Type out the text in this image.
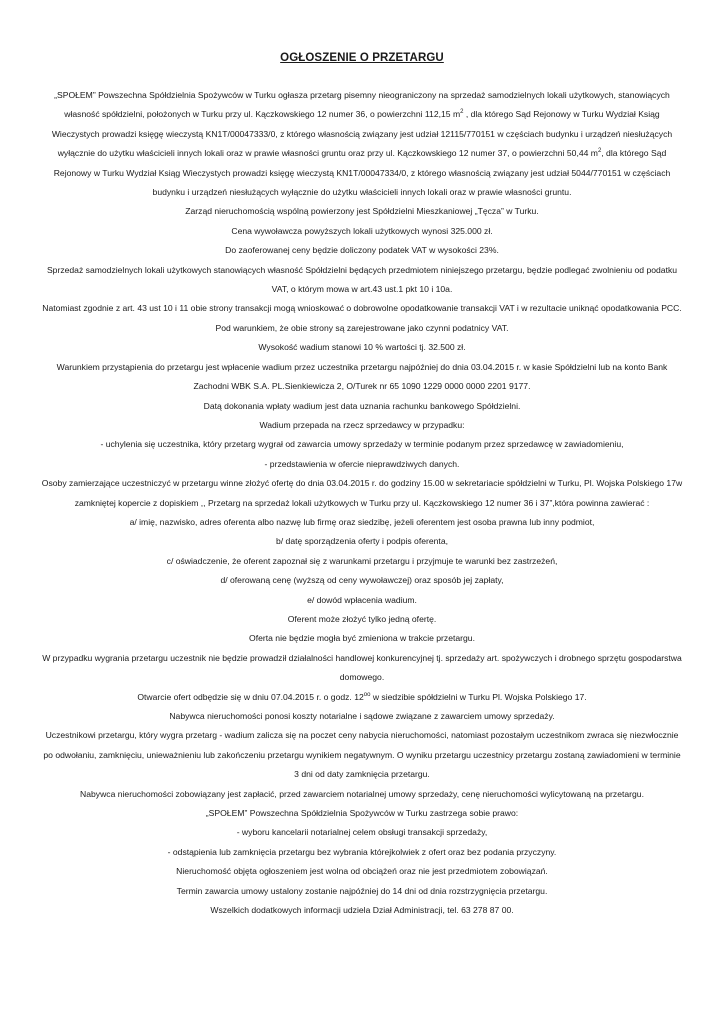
OGŁOSZENIE O PRZETARGU

„SPOŁEM” Powszechna Spółdzielnia Spożywców w Turku ogłasza przetarg pisemny nieograniczony na sprzedaż samodzielnych lokali użytkowych, stanowiących własność spółdzielni, położonych w Turku przy ul. Kączkowskiego 12 numer 36, o powierzchni 112,15 $m^2$ , dla którego Sąd Rejonowy w Turku Wydział Ksiąg Wieczystych prowadzi księgę wieczystą KN1T/00047333/0, z którego własnością związany jest udział 12115/770151 w częściach budynku i urządzeń niesłużących wyłącznie do użytku właścicieli innych lokali oraz w prawie własności gruntu oraz przy ul. Kączkowskiego 12 numer 37, o powierzchni 50,44 $m^2$, dla którego Sąd Rejonowy w Turku Wydział Ksiąg Wieczystych prowadzi księgę wieczystą KN1T/00047334/0, z którego własnością związany jest udział 5044/770151 w częściach budynku i urządzeń niesłużących wyłącznie do użytku właścicieli innych lokali oraz w prawie własności gruntu.

Zarząd nieruchomością wspólną powierzony jest Spółdzielni Mieszkaniowej „Tęcza” w Turku.

Cena wywoławcza powyższych lokali użytkowych wynosi 325.000 zł.

Do zaoferowanej ceny będzie doliczony podatek VAT w wysokości 23%.

Sprzedaż samodzielnych lokali użytkowych stanowiących własność Spółdzielni będących przedmiotem niniejszego przetargu, będzie podlegać zwolnieniu od podatku VAT, o którym mowa w art.43 ust.1 pkt 10 i 10a.

Natomiast zgodnie z art. 43 ust 10 i 11 obie strony transakcji mogą wnioskować o dobrowolne opodatkowanie transakcji VAT i w rezultacie uniknąć opodatkowania PCC. Pod warunkiem, że obie strony są zarejestrowane jako czynni podatnicy VAT.

Wysokość wadium stanowi 10 % wartości tj. 32.500 zł.

Warunkiem przystąpienia do przetargu jest wpłacenie wadium przez uczestnika przetargu najpóźniej do dnia 03.04.2015 r. w kasie Spółdzielni lub na konto Bank Zachodni WBK S.A. PL.Sienkiewicza 2, O/Turek nr 65 1090 1229 0000 0000 2201 9177.

Datą dokonania wpłaty wadium jest data uznania rachunku bankowego Spółdzielni.

Wadium przepada na rzecz sprzedawcy w przypadku:

- uchylenia się uczestnika, który przetarg wygrał od zawarcia umowy sprzedaży w terminie podanym przez sprzedawcę w zawiadomieniu,

- przedstawienia w ofercie nieprawdziwych danych.

Osoby zamierzające uczestniczyć w przetargu winne złożyć ofertę do dnia 03.04.2015 r. do godziny 15.00 w sekretariacie spółdzielni w Turku, Pl. Wojska Polskiego 17w zamkniętej kopercie z dopiskiem ,, Przetarg na sprzedaż lokali użytkowych w Turku przy ul. Kączkowskiego 12 numer 36 i 37”,która powinna zawierać :

a/ imię, nazwisko, adres oferenta albo nazwę lub firmę oraz siedzibę, jeżeli oferentem jest osoba prawna lub inny podmiot,

b/ datę sporządzenia oferty i podpis oferenta,

c/ oświadczenie, że oferent zapoznał się z warunkami przetargu i przyjmuje te warunki bez zastrzeżeń,

d/ oferowaną cenę (wyższą od ceny wywoławczej) oraz sposób jej zapłaty,

e/ dowód wpłacenia wadium.

Oferent może złożyć tylko jedną ofertę.

Oferta nie będzie mogła być zmieniona w trakcie przetargu.

W przypadku wygrania przetargu uczestnik nie będzie prowadził działalności handlowej konkurencyjnej tj. sprzedaży art. spożywczych i drobnego sprzętu gospodarstwa domowego.

Otwarcie ofert odbędzie się w dniu 07.04.2015 r. o godz. $12^{oo}$ w siedzibie spółdzielni w Turku Pl. Wojska Polskiego 17.

Nabywca nieruchomości ponosi koszty notarialne i sądowe związane z zawarciem umowy sprzedaży.

Uczestnikowi przetargu, który wygra przetarg - wadium zalicza się na poczet ceny nabycia nieruchomości, natomiast pozostałym uczestnikom zwraca się niezwłocznie po odwołaniu, zamknięciu, unieważnieniu lub zakończeniu przetargu wynikiem negatywnym. O wyniku przetargu uczestnicy przetargu zostaną zawiadomieni w terminie 3 dni od daty zamknięcia przetargu.

Nabywca nieruchomości zobowiązany jest zapłacić, przed zawarciem notarialnej umowy sprzedaży, cenę nieruchomości wylicytowaną na przetargu.

„SPOŁEM” Powszechna Spółdzielnia Spożywców w Turku zastrzega sobie prawo:

- wyboru kancelarii notarialnej celem obsługi transakcji sprzedaży,

- odstąpienia lub zamknięcia przetargu bez wybrania którejkolwiek z ofert oraz bez podania przyczyny.

Nieruchomość objęta ogłoszeniem jest wolna od obciążeń oraz nie jest przedmiotem zobowiązań.

Termin zawarcia umowy ustalony zostanie najpóźniej do 14 dni od dnia rozstrzygnięcia przetargu.

Wszelkich dodatkowych informacji udziela Dział Administracji, tel. 63 278 87 00.
